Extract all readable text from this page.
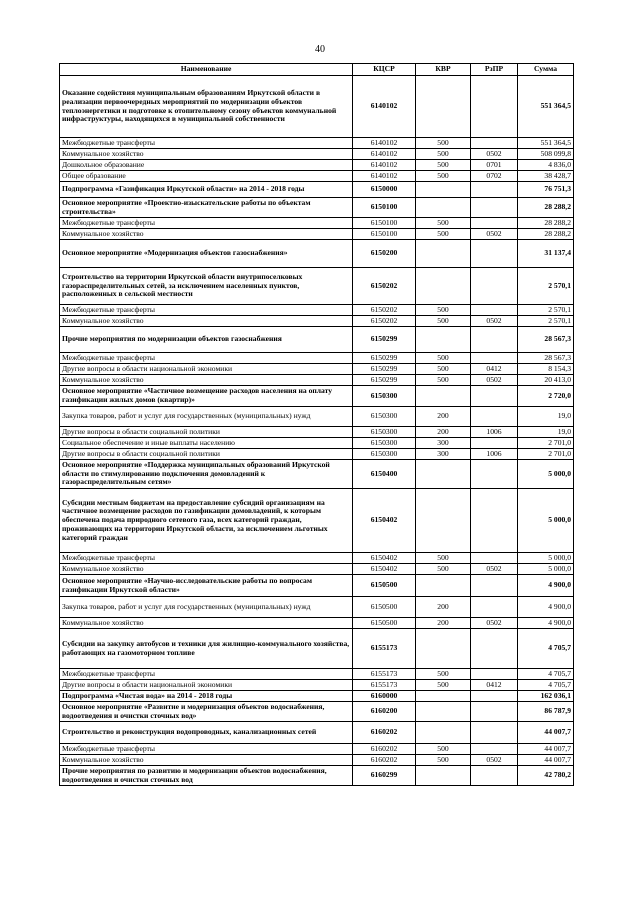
40
Наименование	КЦСР	КВР	РзПР	Сумма
Оказание содействия муниципальным образованиям Иркутской области в реализации первоочередных мероприятий по модернизации объектов теплоэнергетики и подготовке к отопительному сезону объектов коммунальной инфраструктуры, находящихся в муниципальной собственности	6140102			551 364,5
Межбюджетные трансферты	6140102	500		551 364,5
Коммунальное хозяйство	6140102	500	0502	508 099,8
Дошкольное образование	6140102	500	0701	4 836,0
Общее образование	6140102	500	0702	38 428,7
Подпрограмма «Газификация Иркутской области» на 2014 - 2018 годы	6150000			76 751,3
Основное мероприятие «Проектно-изыскательские работы по объектам строительства»	6150100			28 288,2
Межбюджетные трансферты	6150100	500		28 288,2
Коммунальное хозяйство	6150100	500	0502	28 288,2
Основное мероприятие «Модернизация объектов газоснабжения»	6150200			31 137,4
Строительство на территории Иркутской области внутрипоселковых газораспределительных сетей, за исключением населенных пунктов, расположенных в сельской местности	6150202			2 570,1
Межбюджетные трансферты	6150202	500		2 570,1
Коммунальное хозяйство	6150202	500	0502	2 570,1
Прочие мероприятия по модернизации объектов газоснабжения	6150299			28 567,3
Межбюджетные трансферты	6150299	500		28 567,3
Другие вопросы в области национальной экономики	6150299	500	0412	8 154,3
Коммунальное хозяйство	6150299	500	0502	20 413,0
Основное мероприятие «Частичное возмещение расходов населения на оплату газификации жилых домов (квартир)»	6150300			2 720,0
Закупка товаров, работ и услуг для государственных (муниципальных) нужд	6150300	200		19,0
Другие вопросы в области социальной политики	6150300	200	1006	19,0
Социальное обеспечение и иные выплаты населению	6150300	300		2 701,0
Другие вопросы в области социальной политики	6150300	300	1006	2 701,0
Основное мероприятие «Поддержка муниципальных образований Иркутской области по стимулированию подключения домовладений к газораспределительным сетям»	6150400			5 000,0
Субсидии местным бюджетам на предоставление субсидий организациям на частичное возмещение расходов по газификации домовладений, к которым обеспечена подача природного сетевого газа, всех категорий граждан, проживающих на территории Иркутской области, за исключением льготных категорий граждан	6150402			5 000,0
Межбюджетные трансферты	6150402	500		5 000,0
Коммунальное хозяйство	6150402	500	0502	5 000,0
Основное мероприятие «Научно-исследовательские работы по вопросам газификации Иркутской области»	6150500			4 900,0
Закупка товаров, работ и услуг для государственных (муниципальных) нужд	6150500	200		4 900,0
Коммунальное хозяйство	6150500	200	0502	4 900,0
Субсидии на закупку автобусов и техники для жилищно-коммунального хозяйства, работающих на газомоторном топливе	6155173			4 705,7
Межбюджетные трансферты	6155173	500		4 705,7
Другие вопросы в области национальной экономики	6155173	500	0412	4 705,7
Подпрограмма «Чистая вода» на 2014 - 2018 годы	6160000			162 036,1
Основное мероприятие «Развитие и модернизация объектов водоснабжения, водоотведения и очистки сточных вод»	6160200			86 787,9
Строительство и реконструкция водопроводных, канализационных сетей	6160202			44 007,7
Межбюджетные трансферты	6160202	500		44 007,7
Коммунальное хозяйство	6160202	500	0502	44 007,7
Прочие мероприятия по развитию и модернизации объектов водоснабжения, водоотведения и очистки сточных вод	6160299			42 780,2
